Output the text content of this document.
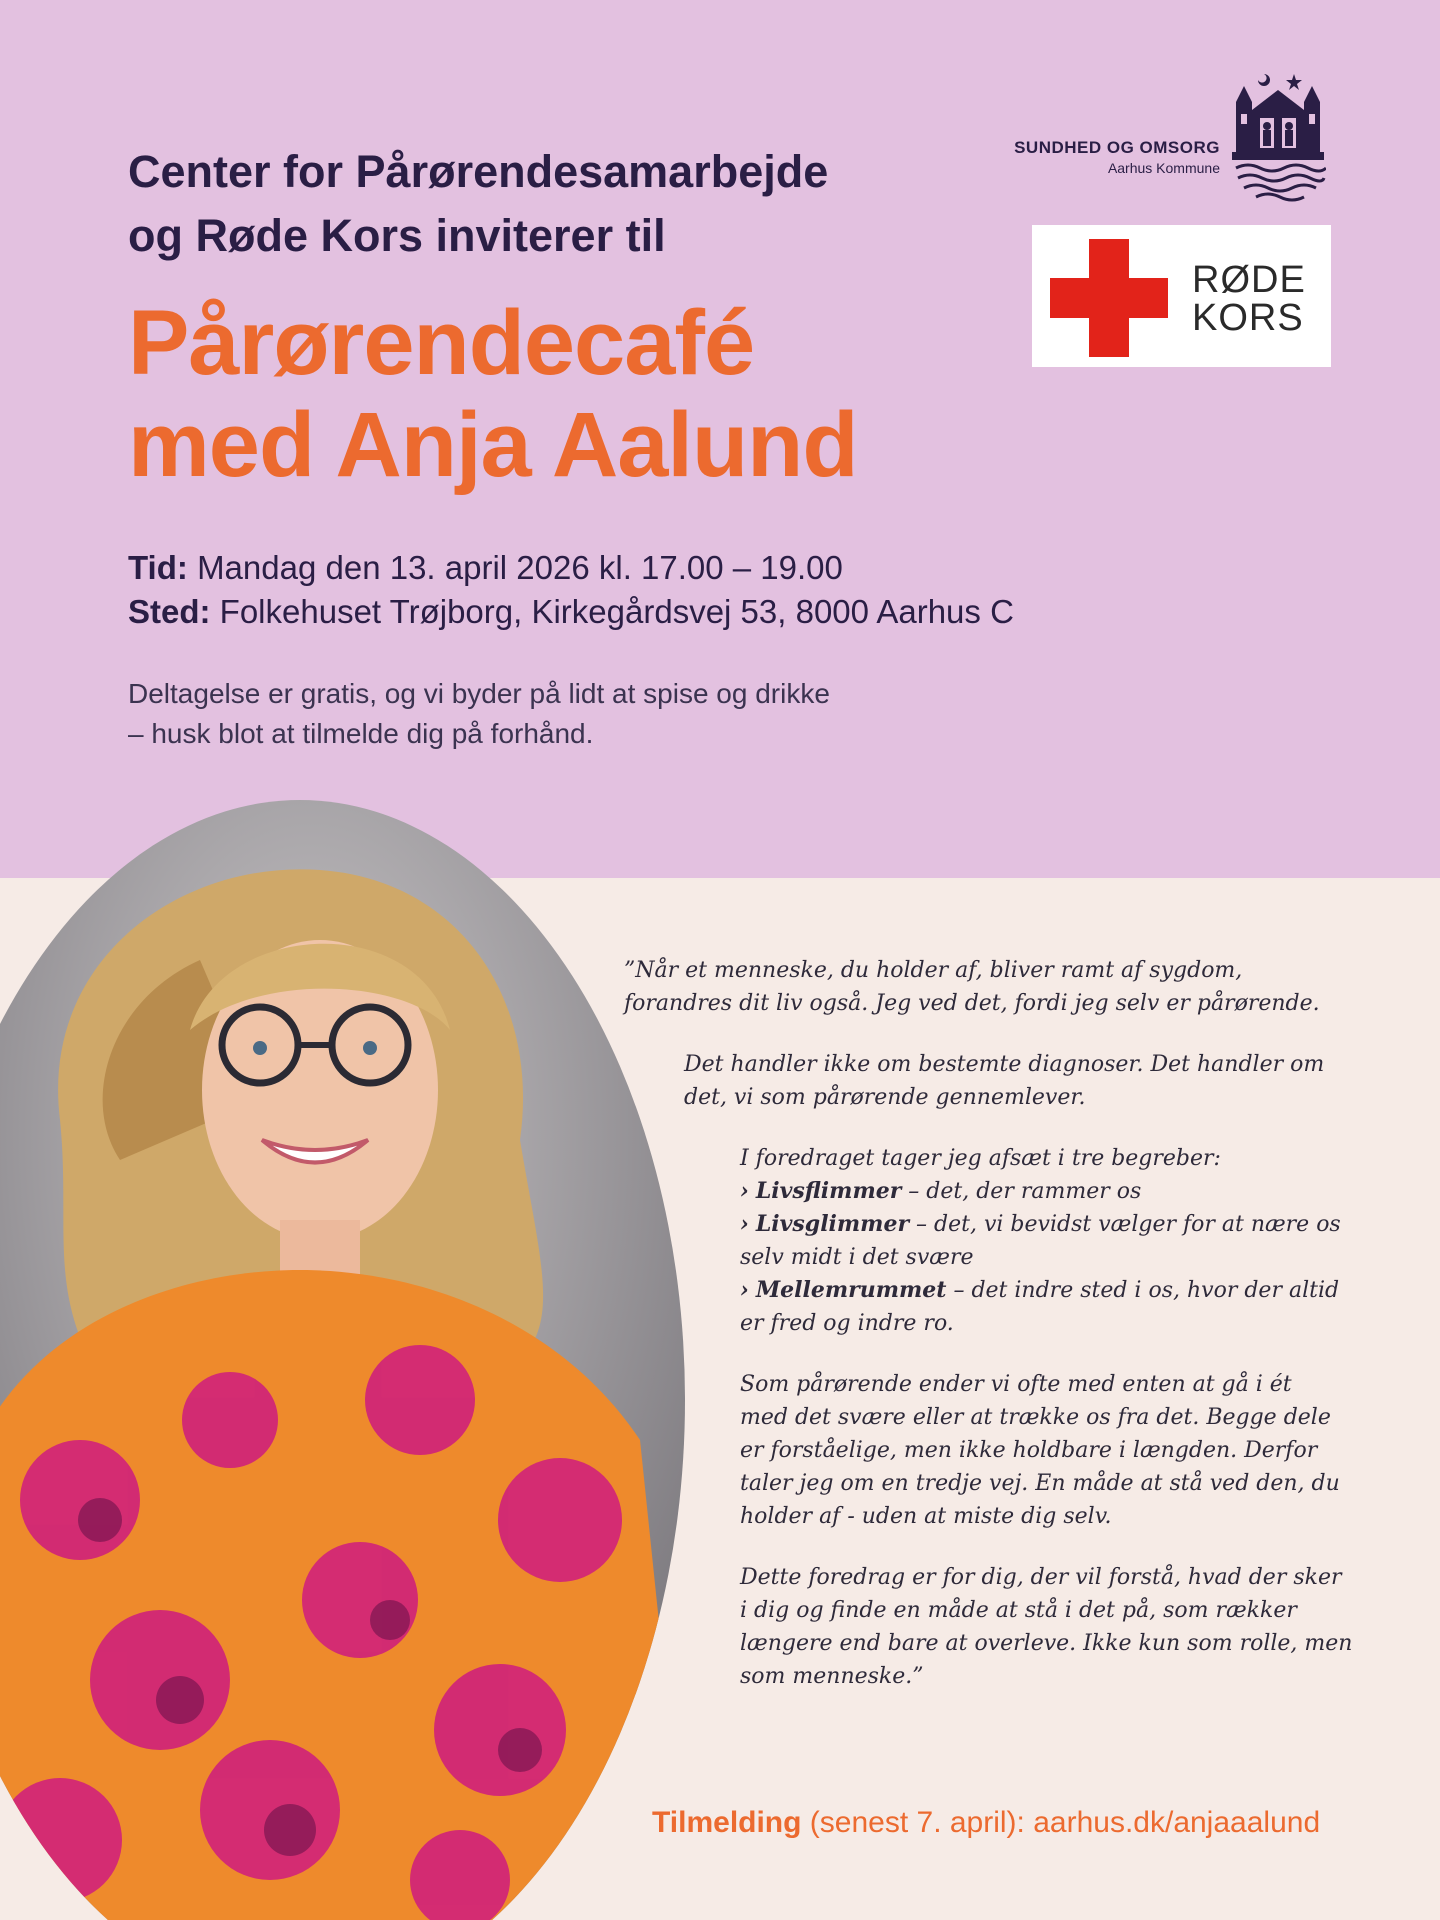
Center for Pårørendesamarbejde
og Røde Kors inviterer til
Pårørendecafé
med Anja Aalund
Tid: Mandag den 13. april 2026 kl. 17.00 – 19.00
Sted: Folkehuset Trøjborg, Kirkegårdsvej 53, 8000 Aarhus C
Deltagelse er gratis, og vi byder på lidt at spise og drikke
– husk blot at tilmelde dig på forhånd.
SUNDHED OG OMSORG
Aarhus Kommune
RØDE
KORS
”Når et menneske, du holder af, bliver ramt af sygdom,
forandres dit liv også. Jeg ved det, fordi jeg selv er pårørende.
Det handler ikke om bestemte diagnoser. Det handler om
det, vi som pårørende gennemlever.
I foredraget tager jeg afsæt i tre begreber:
› Livsflimmer – det, der rammer os
› Livsglimmer – det, vi bevidst vælger for at nære os
selv midt i det svære
› Mellemrummet – det indre sted i os, hvor der altid
er fred og indre ro.
Som pårørende ender vi ofte med enten at gå i ét
med det svære eller at trække os fra det. Begge dele
er forståelige, men ikke holdbare i længden. Derfor
taler jeg om en tredje vej. En måde at stå ved den, du
holder af - uden at miste dig selv.
Dette foredrag er for dig, der vil forstå, hvad der sker
i dig og finde en måde at stå i det på, som rækker
længere end bare at overleve. Ikke kun som rolle, men
som menneske.”
Tilmelding (senest 7. april): aarhus.dk/anjaaalund
